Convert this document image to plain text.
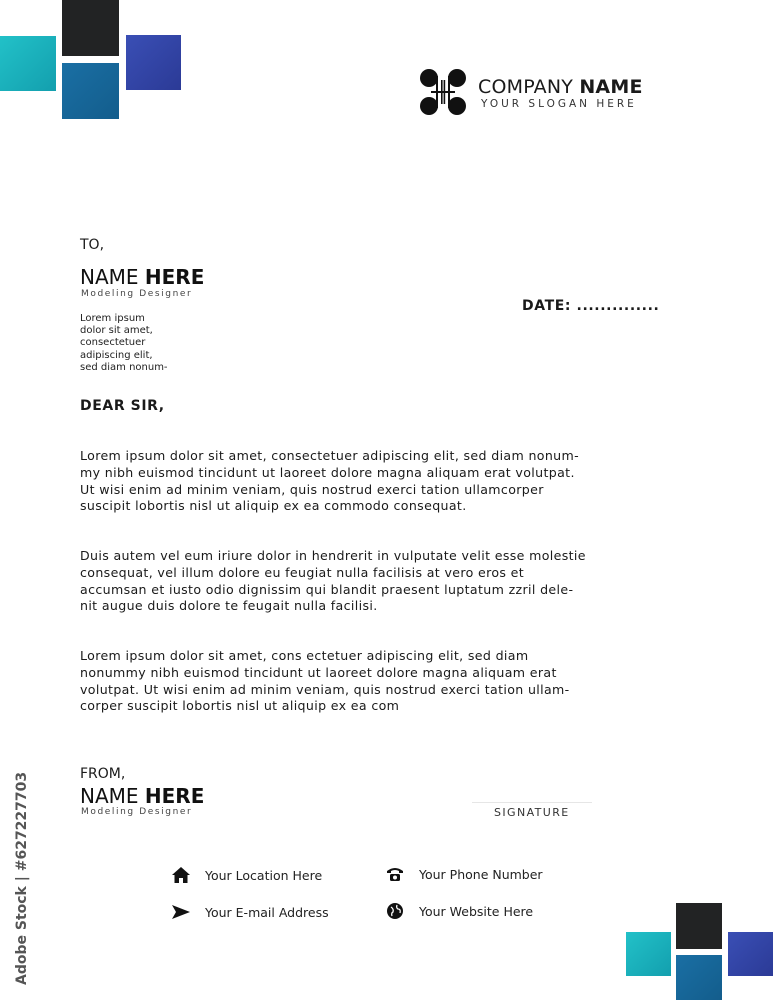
COMPANY NAME
YOUR SLOGAN HERE
TO,
NAME HERE
Modeling Designer
Lorem ipsum
dolor sit amet,
consectetuer
adipiscing elit,
sed diam nonum-
DATE: ..............
DEAR SIR,
Lorem ipsum dolor sit amet, consectetuer adipiscing elit, sed diam nonum-
my nibh euismod tincidunt ut laoreet dolore magna aliquam erat volutpat.
Ut wisi enim ad minim veniam, quis nostrud exerci tation ullamcorper
suscipit lobortis nisl ut aliquip ex ea commodo consequat.
Duis autem vel eum iriure dolor in hendrerit in vulputate velit esse molestie
consequat, vel illum dolore eu feugiat nulla facilisis at vero eros et
accumsan et iusto odio dignissim qui blandit praesent luptatum zzril dele-
nit augue duis dolore te feugait nulla facilisi.
Lorem ipsum dolor sit amet, cons ectetuer adipiscing elit, sed diam
nonummy nibh euismod tincidunt ut laoreet dolore magna aliquam erat
volutpat. Ut wisi enim ad minim veniam, quis nostrud exerci tation ullam-
corper suscipit lobortis nisl ut aliquip ex ea com
FROM,
NAME HERE
Modeling Designer	SIGNATURE
Your Location Here	Your Phone Number
Your E-mail Address	Your Website Here
Adobe Stock | #627227703
